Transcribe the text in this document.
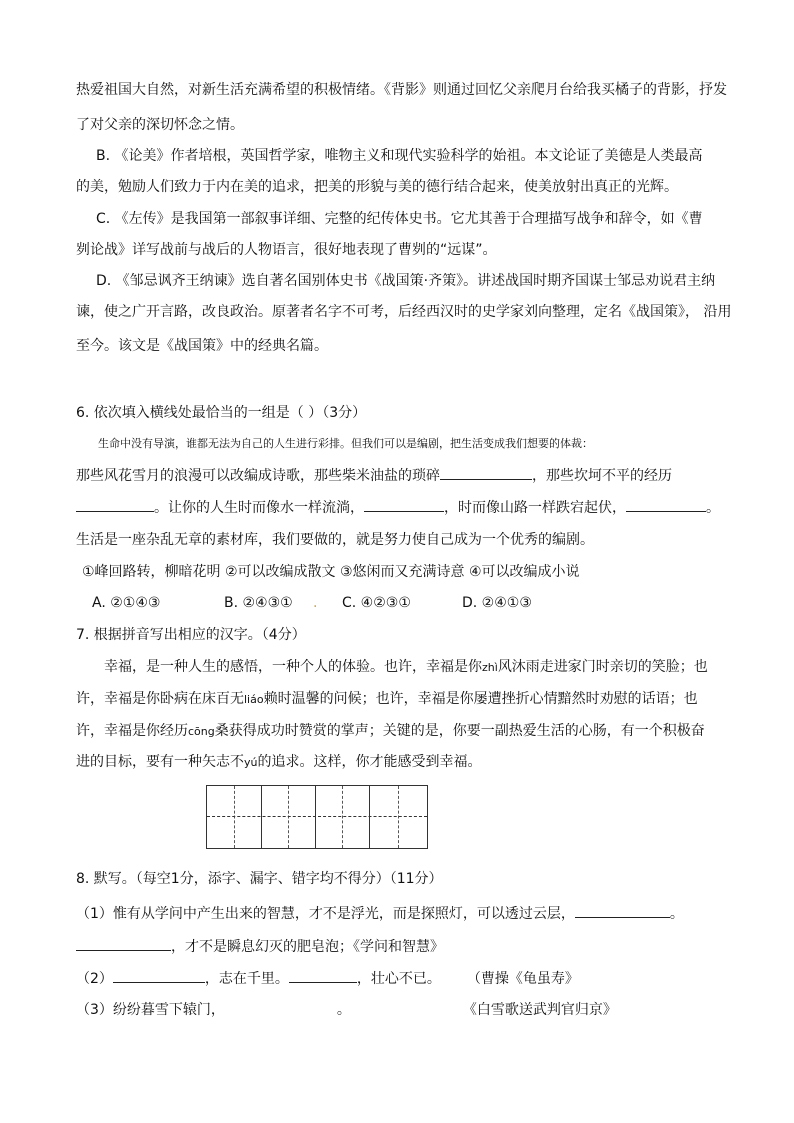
热爱祖国大自然，对新生活充满希望的积极情绪。《背影》则通过回忆父亲爬月台给我买橘子的背影，抒发
了对父亲的深切怀念之情。
B. 《论美》作者培根，英国哲学家，唯物主义和现代实验科学的始祖。本文论证了美德是人类最高
的美，勉励人们致力于内在美的追求，把美的形貌与美的德行结合起来，使美放射出真正的光辉。
C. 《左传》是我国第一部叙事详细、完整的纪传体史书。它尤其善于合理描写战争和辞令，如《曹
刿论战》详写战前与战后的人物语言，很好地表现了曹刿的“远谋”。
D. 《邹忌讽齐王纳谏》选自著名国别体史书《战国策·齐策》。讲述战国时期齐国谋士邹忌劝说君主纳
谏，使之广开言路，改良政治。原著者名字不可考，后经西汉时的史学家刘向整理，定名《战国策》， 沿用
至今。该文是《战国策》中的经典名篇。
6. 依次填入横线处最恰当的一组是（ ）（3分）
生命中没有导演，谁都无法为自己的人生进行彩排。但我们可以是编剧，把生活变成我们想要的体裁：
那些风花雪月的浪漫可以改编成诗歌，那些柴米油盐的琐碎	，那些坎坷不平的经历
。让你的人生时而像水一样流淌，	，时而像山路一样跌宕起伏，	。
生活是一座杂乱无章的素材库，我们要做的，就是努力使自己成为一个优秀的编剧。
①峰回路转，柳暗花明 ②可以改编成散文 ③悠闲而又充满诗意 ④可以改编成小说
A. ②①④③	B. ②④③① . C. ④②③①	D. ②④①③
7. 根据拼音写出相应的汉字。（4分）
幸福，是一种人生的感悟，一种个人的体验。也许，幸福是你zhì风沐雨走进家门时亲切的笑脸；也
许，幸福是你卧病在床百无liáo赖时温馨的问候；也许，幸福是你屡遭挫折心情黯然时劝慰的话语；也
许，幸福是你经历cōng桑获得成功时赞赏的掌声；关键的是，你要一副热爱生活的心肠，有一个积极奋
进的目标，要有一种矢志不yú的追求。这样，你才能感受到幸福。
8. 默写。（每空1分，添字、漏字、错字均不得分）（11分）
（1）惟有从学问中产生出来的智慧，才不是浮光，而是探照灯，可以透过云层，	。
，才不是瞬息幻灭的肥皂泡；《学问和智慧》
（2）	，志在千里。	，壮心不已。 （曹操《龟虽寿》
（3）纷纷暮雪下辕门，	。	《白雪歌送武判官归京》
